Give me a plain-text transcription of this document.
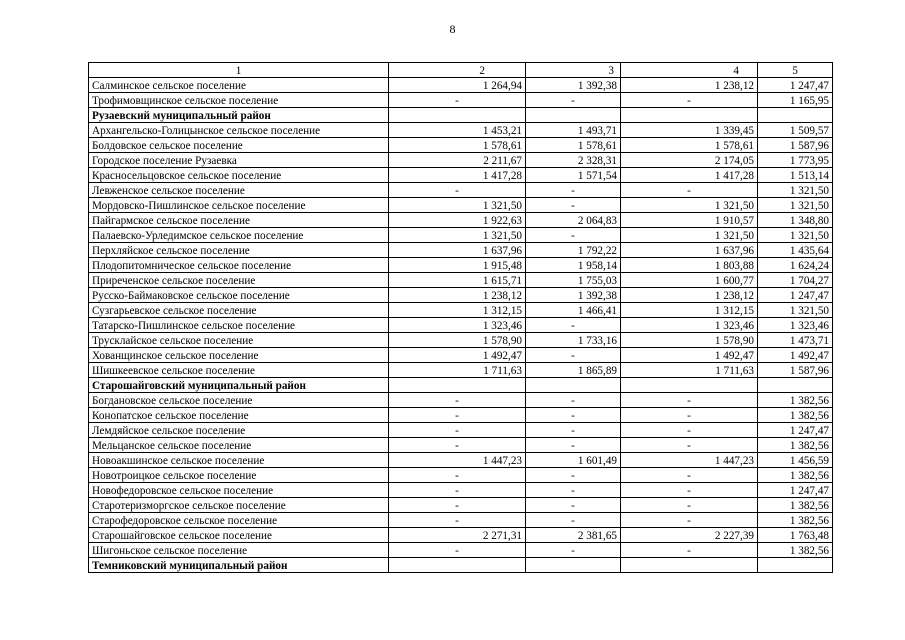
8
1	2	3	4	5
Салминское сельское поселение	1 264,94	1 392,38	1 238,12	1 247,47
Трофимовщинское сельское поселение	-	-	-	1 165,95
Рузаевский муниципальный район				
Архангельско-Голицынское сельское поселение	1 453,21	1 493,71	1 339,45	1 509,57
Болдовское сельское поселение	1 578,61	1 578,61	1 578,61	1 587,96
Городское поселение Рузаевка	2 211,67	2 328,31	2 174,05	1 773,95
Красносельцовское сельское поселение	1 417,28	1 571,54	1 417,28	1 513,14
Левженское сельское поселение	-	-	-	1 321,50
Мордовско-Пишлинское сельское поселение	1 321,50	-	1 321,50	1 321,50
Пайгармское сельское поселение	1 922,63	2 064,83	1 910,57	1 348,80
Палаевско-Урледимское сельское поселение	1 321,50	-	1 321,50	1 321,50
Перхляйское сельское поселение	1 637,96	1 792,22	1 637,96	1 435,64
Плодопитомническое сельское поселение	1 915,48	1 958,14	1 803,88	1 624,24
Приреченское сельское поселение	1 615,71	1 755,03	1 600,77	1 704,27
Русско-Баймаковское сельское поселение	1 238,12	1 392,38	1 238,12	1 247,47
Сузгарьевское сельское поселение	1 312,15	1 466,41	1 312,15	1 321,50
Татарско-Пишлинское сельское поселение	1 323,46	-	1 323,46	1 323,46
Трусклайское сельское поселение	1 578,90	1 733,16	1 578,90	1 473,71
Хованщинское сельское поселение	1 492,47	-	1 492,47	1 492,47
Шишкеевское сельское поселение	1 711,63	1 865,89	1 711,63	1 587,96
Старошайговский муниципальный район				
Богдановское сельское поселение	-	-	-	1 382,56
Конопатское сельское поселение	-	-	-	1 382,56
Лемдяйское сельское поселение	-	-	-	1 247,47
Мельцанское сельское поселение	-	-	-	1 382,56
Новоакшинское сельское поселение	1 447,23	1 601,49	1 447,23	1 456,59
Новотроицкое сельское поселение	-	-	-	1 382,56
Новофедоровское сельское поселение	-	-	-	1 247,47
Старотеризморгское сельское поселение	-	-	-	1 382,56
Старофедоровское сельское поселение	-	-	-	1 382,56
Старошайговское сельское поселение	2 271,31	2 381,65	2 227,39	1 763,48
Шигоньское сельское поселение	-	-	-	1 382,56
Темниковский муниципальный район				
